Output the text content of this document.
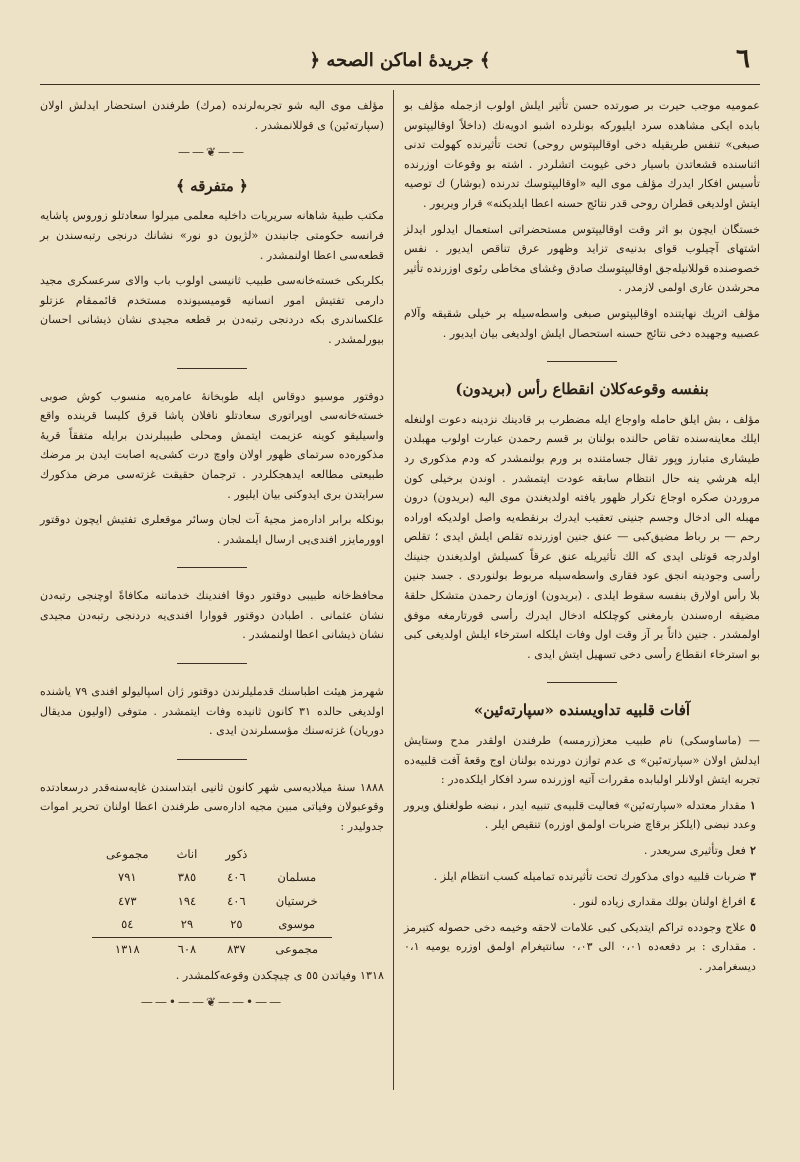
﴿ جريدهٔ اماكن الصحه ﴾	٦

عموميه موجب حيرت بر صورتده حسن تأثير ايلش اولوب ازجمله مؤلف بو بابده ايكى مشاهده سرد ايليوركه بونلرده اشبو ادويه‌نك (داخلاً اوقاليپتوس صبغى» تنفس طريقيله دخى اوقاليپتوس روحى) تحت تأثيرنده كهولت تدنى اثناسنده قشعاتدن باسيار دخى غيوبت اتشلردر . اشته بو وقوعات اوزرنده تأسيس افكار ايدرك مؤلف موى اليه «اوقاليپتوسك تدرنده (بوشار) ك توصيه ايتش اولديغى قطران روحى قدر نتائج حسنه اعطا ايلديكنه» قرار ويريور .

خستگان ايچون بو اثر وقت اوقاليپتوس مستحضراتى استعمال ايدلور ايدلز اشتهاى آچيلوب قواى بدنيه‌ى تزايد وظهور عرق تناقص ايديور . نفس خصوصنده قوللانيله‌جق اوقاليپتوسك صادق وغشاى مخاطى رئوى اوزرنده تأثير محرشدن عارى اولمى لازمدر .

مؤلف اثريك نهايتنده اوقاليپتوس صبغى واسطه‌سيله بر خيلى شقيقه وآلام عصبيه وجهيده دخى نتائج حسنه استحصال ايلش اولديغى بيان ايديور .

بنفسه وقوعه‌كلان انقطاع رأس (بريدون)

مؤلف ، بش ايلق حامله واوجاع ايله مضطرب بر قادينك نزدينه دعوت اولنغله ايلك معاينه‌سنده تقاص حالنده بولنان بر قسم رحمدن عبارت اولوب مهبلدن طيشارى متبارز وپور تقال جسامتنده بر ورم بولنمشدر كه ودم مذكورى رد ايله هرشي ينه حال انتظام سابقه عودت ايتمشدر . اوندن برخيلى كون مروردن صكره اوجاع تكرار ظهور يافته اولديغندن موى اليه (بريدون) درون مهبله الى ادخال وجسم جنينى تعقيب ايدرك برنقطه‌يه واصل اولديكه اوراده رحم — بر رباط مضيق‌كبى — عنق جنين اوزرنده تقلص ايلش ايدى ؛ تقلص اولدرجه قوتلى ايدى كه الك تأثيريله عنق عرقاً كسيلش اولديغندن جنينك رأسى وجودينه انجق عود فقارى واسطه‌سيله مربوط بولنوردى . جسد جنين بلا رأس اولارق بنفسه سقوط ايلدى . (بريدون) اوزمان رحمدن متشكل حلقهٔ مضيقه اره‌سندن بارمغنى كوچلكله ادخال ايدرك رأسى قورتارمغه موفق اولمشدر . جنين ذاتاً بر آز وقت اول وفات ايلكله استرخاء ايلش اولديغى كبى بو استرخاء انقطاع رأسى دخى تسهيل ايتش ايدى .

آفات قلبيه تداويسنده «سپارته‌ئين»

— (ماساوسكى) نام طبيب معز(زرمسه) طرفندن اولقدر مدح وستايش ايدلش اولان «سپارته‌ئين» ى عدم توازن دورنده بولنان اوج وقعهٔ آفت قلبيه‌ده تجربه ايتش اولانلر اولبابده مقررات آتيه اوزرنده سرد افكار ايلكده‌در :

١مقدار معتدله «سپارته‌ئين» فعاليت قلبيه‌ى تنبيه ايدر ، نبضه طولغنلق ويرور وعدد نبضى (ايلكز برقاچ ضربات اولمق اوزره) تنقيص ايلر .
٢فعل وتأثيرى سريعدر .
٣ضربات قلبيه دواى مذكورك تحت تأثيرنده تماميله كسب انتظام ايلز .
٤افراغ اولنان بولك مقدارى زياده لنور .
٥علاج وجودده تراكم ايتديكى كبى علامات لاحقه وخيمه دخى حصوله كتيرمز . مقدارى : بر دفعه‌ده ٠،٠١ الى ٠،٠٣ سانتيغرام اولمق اوزره يوميه ٠،١ ديسغرامدر .

مؤلف موى اليه شو تجربه‌لرنده (مرك) طرفندن استحضار ايدلش اولان (سپارته‌ئين) ى قوللانمشدر .

——❦——
﴿ متفرقه ﴾

مكتب طبيهٔ شاهانه سريريات داخليه معلمى ميرلوا سعادتلو زوروس پاشايه فرانسه حكومتى جانبندن «لژيون دو نور» نشانك درنجى رتبه‌سندن بر قطعه‌سى اعطا اولنمشدر .

بكلربكى خسته‌خانه‌سى طبيب ثانيسى اولوب باب والاى سرعسكرى مجيد دارمى تفتيش امور انسانيه قوميسيونده مستخدم قائممقام عزتلو علكساندرى بكه دردنجى رتبه‌دن بر قطعه مجيدى نشان ذيشانى احسان بيورلمشدر .

دوقتور موسيو دوقاس ايله طوبخانهٔ عامره‌يه منسوب كوش صوبى خسته‌خانه‌سى اوپراتورى سعادتلو نافلان پاشا قرق كليسا قرينده واقع واسيليقو كوينه عزيمت ايتمش ومحلى طبيبلرندن برايله متفقاً قريهٔ مذكوره‌ده سرتماى ظهور اولان واوچ درت كشى‌يه اصابت ايدن بر مرضك طبيعتى مطالعه ايدهجكلردر . ترجمان حقيقت غزته‌سى مرض مذكورك سرايتدن برى ايدوكنى بيان ايليور .

بونكله برابر اداره‌مز مجيهٔ آت لجان وسائر موقعلرى تفتيش ايچون دوقتور اوورمايزر افندى‌يى ارسال ايلمشدر .

محافظ‌خانه طبيبى دوقتور دوقا افندينك خدماتنه مكافاةً اوچنجى رتبه‌دن نشان عثمانى . اطبادن دوقتور قووارا افندى‌يه دردنجى رتبه‌دن مجيدى نشان ذيشانى اعطا اولنمشدر .

شهرمز هيئت اطباسنك قدمليلرندن دوقتور ژان اسپاليولو افندى ٧٩ ياشنده اولديغى حالده ٣١ كانون ثانيده وفات ايتمشدر . متوفى (اوليون مديقال دوريان) غزته‌سنك مؤسسلرندن ايدى .

١٨٨٨ سنهٔ ميلاديه‌سى شهر كانون ثانيى ابتداسندن غايه‌سنه‌قدر درسعادتده وقوعبولان وفياتى مبين مجيه اداره‌سى طرفندن اعطا اولنان تحرير اموات جدوليدر :

	ذكور	اناث	مجموعى
مسلمان	٤٠٦	٣٨٥	٧٩١
خرستيان	٤٠٦	١٩٤	٤٧٣
موسوى	٢٥	٢٩	٥٤
مجموعى	٨٣٧	٦٠٨	١٣١٨

١٣١٨ وفياتدن ٥٥ ى چيچكدن وقوعه‌كلمشدر .

——•——❦——•——
